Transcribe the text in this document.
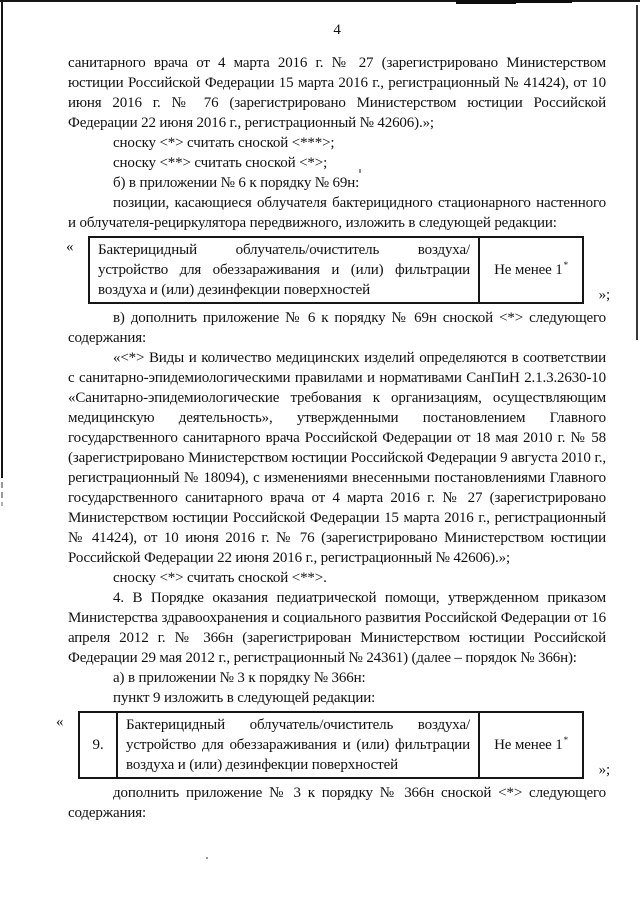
4

санитарного врача от 4 марта 2016 г. № 27 (зарегистрировано Министерством юстиции Российской Федерации 15 марта 2016 г., регистрационный № 41424), от 10 июня 2016 г. № 76 (зарегистрировано Министерством юстиции Российской Федерации 22 июня 2016 г., регистрационный № 42606).»;

сноску <*> считать сноской <***>;

сноску <**> считать сноской <*>;

б) в приложении № 6 к порядку № 69н:

позиции, касающиеся облучателя бактерицидного стационарного настенного и облучателя-рециркулятора передвижного, изложить в следующей редакции:

« Бактерицидный облучатель/очиститель воздуха/устройство для обеззараживания и (или) фильтрации воздуха и (или) дезинфекции поверхностей	Не менее 1*
»;

в) дополнить приложение № 6 к порядку № 69н сноской <*> следующего содержания:

«<*> Виды и количество медицинских изделий определяются в соответствии с санитарно-эпидемиологическими правилами и нормативами СанПиН 2.1.3.2630-10 «Санитарно-эпидемиологические требования к организациям, осуществляющим медицинскую деятельность», утвержденными постановлением Главного государственного санитарного врача Российской Федерации от 18 мая 2010 г. № 58 (зарегистрировано Министерством юстиции Российской Федерации 9 августа 2010 г., регистрационный № 18094), с изменениями внесенными постановлениями Главного государственного санитарного врача от 4 марта 2016 г. № 27 (зарегистрировано Министерством юстиции Российской Федерации 15 марта 2016 г., регистрационный № 41424), от 10 июня 2016 г. № 76 (зарегистрировано Министерством юстиции Российской Федерации 22 июня 2016 г., регистрационный № 42606).»;

сноску <*> считать сноской <**>.

4. В Порядке оказания педиатрической помощи, утвержденном приказом Министерства здравоохранения и социального развития Российской Федерации от 16 апреля 2012 г. № 366н (зарегистрирован Министерством юстиции Российской Федерации 29 мая 2012 г., регистрационный № 24361) (далее – порядок № 366н):

а) в приложении № 3 к порядку № 366н:

пункт 9 изложить в следующей редакции:

«
9.	Бактерицидный облучатель/очиститель воздуха/устройство для обеззараживания и (или) фильтрации воздуха и (или) дезинфекции поверхностей	Не менее 1*
»;

дополнить приложение № 3 к порядку № 366н сноской <*> следующего содержания:
